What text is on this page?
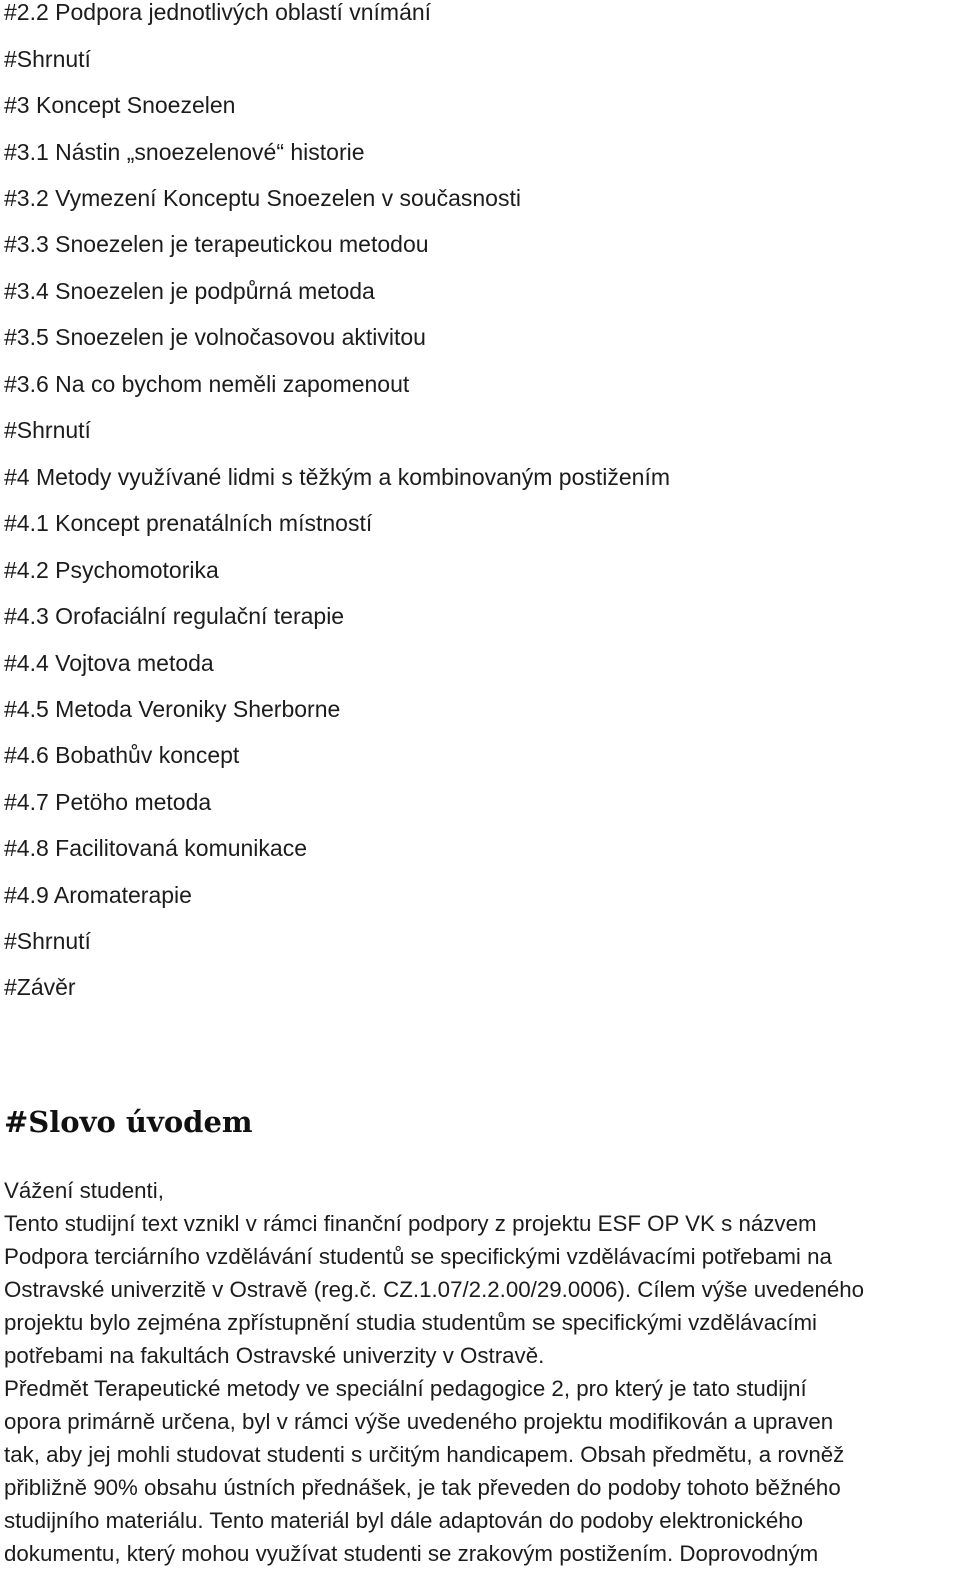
#2.2 Podpora jednotlivých oblastí vnímání
#Shrnutí
#3 Koncept Snoezelen
#3.1 Nástin „snoezelenové“ historie
#3.2 Vymezení Konceptu Snoezelen v současnosti
#3.3 Snoezelen je terapeutickou metodou
#3.4 Snoezelen je podpůrná metoda
#3.5 Snoezelen je volnočasovou aktivitou
#3.6 Na co bychom neměli zapomenout
#Shrnutí
#4 Metody využívané lidmi s těžkým a kombinovaným postižením
#4.1 Koncept prenatálních místností
#4.2 Psychomotorika
#4.3 Orofaciální regulační terapie
#4.4 Vojtova metoda
#4.5 Metoda Veroniky Sherborne
#4.6 Bobathův koncept
#4.7 Petöho metoda
#4.8 Facilitovaná komunikace
#4.9 Aromaterapie
#Shrnutí
#Závěr
#Slovo úvodem
Vážení studenti,
Tento studijní text vznikl v rámci finanční podpory z projektu ESF OP VK s názvem
Podpora terciárního vzdělávání studentů se specifickými vzdělávacími potřebami na
Ostravské univerzitě v Ostravě (reg.č. CZ.1.07/2.2.00/29.0006). Cílem výše uvedeného
projektu bylo zejména zpřístupnění studia studentům se specifickými vzdělávacími
potřebami na fakultách Ostravské univerzity v Ostravě.
Předmět Terapeutické metody ve speciální pedagogice 2, pro který je tato studijní
opora primárně určena, byl v rámci výše uvedeného projektu modifikován a upraven
tak, aby jej mohli studovat studenti s určitým handicapem. Obsah předmětu, a rovněž
přibližně 90% obsahu ústních přednášek, je tak převeden do podoby tohoto běžného
studijního materiálu. Tento materiál byl dále adaptován do podoby elektronického
dokumentu, který mohou využívat studenti se zrakovým postižením. Doprovodným
